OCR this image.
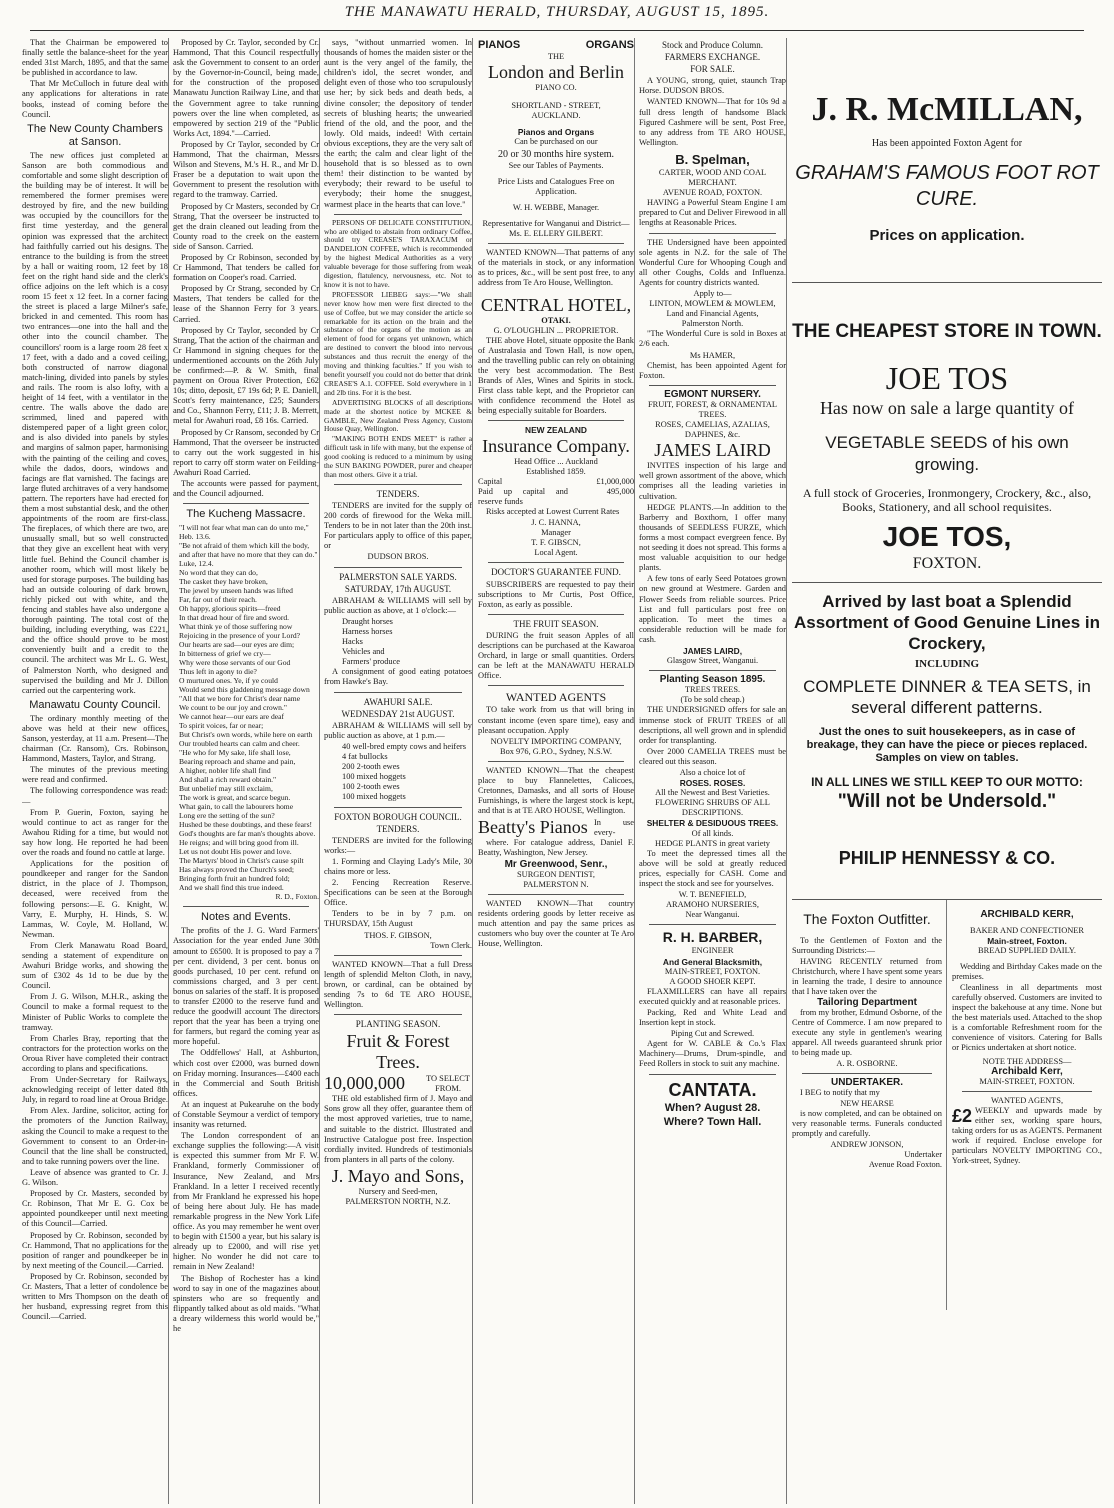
THE MANAWATU HERALD, THURSDAY, AUGUST 15, 1895.

That the Chairman be empowered to finally settle the balance-sheet for the year ended 31st March, 1895, and that the same be published in accordance to law.

That Mr McCulloch in future deal with any applications for alterations in rate books, instead of coming before the Council.

The New County Chambers at Sanson.

The new offices just completed at Sanson are both commodious and comfortable and some slight description of the building may be of interest. It will be remembered the former premises were destroyed by fire, and the new building was occupied by the councillors for the first time yesterday, and the general opinion was expressed that the architect had faithfully carried out his designs. The entrance to the building is from the street by a hall or waiting room, 12 feet by 18 feet on the right hand side and the clerk's office adjoins on the left which is a cosy room 15 feet x 12 feet. In a corner facing the street is placed a large Milner's safe, bricked in and cemented. This room has two entrances—one into the hall and the other into the council chamber. The councillors' room is a large room 28 feet x 17 feet, with a dado and a coved ceiling, both constructed of narrow diagonal match-lining, divided into panels by styles and rails. The room is also lofty, with a height of 14 feet, with a ventilator in the centre. The walls above the dado are scrimmed, lined and papered with distempered paper of a light green color, and is also divided into panels by styles and margins of salmon paper, harmonising with the painting of the ceiling and coves, while the dados, doors, windows and facings are flat varnished. The facings are large fluted architraves of a very handsome pattern. The reporters have had erected for them a most substantial desk, and the other appointments of the room are first-class. The fireplaces, of which there are two, are unusually small, but so well constructed that they give an excellent heat with very little fuel. Behind the Council chamber is another room, which will most likely be used for storage purposes. The building has had an outside colouring of dark brown, richly picked out with white, and the fencing and stables have also undergone a thorough painting. The total cost of the building, including everything, was £221, and the office should prove to be most conveniently built and a credit to the council. The architect was Mr L. G. West, of Palmerston North, who designed and supervised the building and Mr J. Dillon carried out the carpentering work.

Manawatu County Council.

The ordinary monthly meeting of the above was held at their new offices, Sanson, yesterday, at 11 a.m. Present—The chairman (Cr. Ransom), Crs. Robinson, Hammond, Masters, Taylor, and Strang.

The minutes of the previous meeting were read and confirmed.

The following correspondence was read:—

From P. Guerin, Foxton, saying he would continue to act as ranger for the Awahou Riding for a time, but would not say how long. He reported he had been over the roads and found no cattle at large.

Applications for the position of poundkeeper and ranger for the Sandon district, in the place of J. Thompson, deceased, were received from the following persons:—E. G. Knight, W. Varry, E. Murphy, H. Hinds, S. W. Lammas, W. Coyle, M. Holland, W. Newman.

From Clerk Manawatu Road Board, sending a statement of expenditure on Awahuri Bridge works, and showing the sum of £302 4s 1d to be due by the Council.

From J. G. Wilson, M.H.R., asking the Council to make a formal request to the Minister of Public Works to complete the tramway.

From Charles Bray, reporting that the contractors for the protection works on the Oroua River have completed their contract according to plans and specifications.

From Under-Secretary for Railways, acknowledging receipt of letter dated 8th July, in regard to road line at Oroua Bridge.

From Alex. Jardine, solicitor, acting for the promoters of the Junction Railway, asking the Council to make a request to the Government to consent to an Order-in-Council that the line shall be constructed, and to take running powers over the line.

Leave of absence was granted to Cr. J. G. Wilson.

Proposed by Cr. Masters, seconded by Cr. Robinson, That Mr E. G. Cox be appointed poundkeeper until next meeting of this Council—Carried.

Proposed by Cr. Robinson, seconded by Cr. Hammond, That no applications for the position of ranger and poundkeeper be in by next meeting of the Council.—Carried.

Proposed by Cr. Robinson, seconded by Cr. Masters, That a letter of condolence be written to Mrs Thompson on the death of her husband, expressing regret from this Council.—Carried.

Proposed by Cr. Taylor, seconded by Cr. Hammond, That this Council respectfully ask the Government to consent to an order by the Governor-in-Council, being made, for the construction of the proposed Manawatu Junction Railway Line, and that the Government agree to take running powers over the line when completed, as empowered by section 219 of the "Public Works Act, 1894."—Carried.

Proposed by Cr Taylor, seconded by Cr Hammond, That the chairman, Messrs Wilson and Stevens, M.'s H. R., and Mr D. Fraser be a deputation to wait upon the Government to present the resolution with regard to the tramway. Carried.

Proposed by Cr Masters, seconded by Cr Strang, That the overseer be instructed to get the drain cleaned out leading from the County road to the creek on the eastern side of Sanson. Carried.

Proposed by Cr Robinson, seconded by Cr Hammond, That tenders be called for formation on Cooper's road. Carried.

Proposed by Cr Strang, seconded by Cr Masters, That tenders be called for the lease of the Shannon Ferry for 3 years. Carried.

Proposed by Cr Taylor, seconded by Cr Strang, That the action of the chairman and Cr Hammond in signing cheques for the undermentioned accounts on the 26th July be confirmed:—P. & W. Smith, final payment on Oroua River Protection, £62 10s; ditto, deposit, £7 19s 6d; P. E. Daniell, Scott's ferry maintenance, £25; Saunders and Co., Shannon Ferry, £11; J. B. Merrett, metal for Awahuri road, £8 16s. Carried.

Proposed by Cr Ransom, seconded by Cr Hammond, That the overseer be instructed to carry out the work suggested in his report to carry off storm water on Feilding-Awahuri Road Carried.

The accounts were passed for payment, and the Council adjourned.

The Kucheng Massacre.
"I will not fear what man can do unto me," Heb. 13.6.
"Be not afraid of them which kill the body, and after that have no more that they can do." Luke, 12.4.
No word that they can do,
The casket they have broken,
The jewel by unseen hands was lifted
Far, far out of their reach.
Oh happy, glorious spirits—freed
In that dread hour of fire and sword.
What think ye of those suffering now
Rejoicing in the presence of your Lord?
Our hearts are sad—our eyes are dim;
In bitterness of grief we cry—
Why were those servants of our God
Thus left in agony to die?
O murtured ones. Ye, if ye could
Would send this gladdening message down
"All that we bore for Christ's dear name
We count to be our joy and crown."
We cannot hear—our ears are deaf
To spirit voices, far or near;
But Christ's own words, while here on earth
Our troubled hearts can calm and cheer.
"He who for My sake, life shall lose,
Bearing reproach and shame and pain,
A higher, nobler life shall find
And shall a rich reward obtain."
But unbelief may still exclaim,
The work is great, and scarce begun.
What gain, to call the labourers home
Long ere the setting of the sun?
Hushed be these doubtings, and these fears!
God's thoughts are far man's thoughts above.
He reigns; and will bring good from ill.
Let us not doubt His power and love.
The Martyrs' blood in Christ's cause spilt
Has always proved the Church's seed;
Bringing forth fruit an hundred fold;
And we shall find this true indeed.
R. D., Foxton.
Notes and Events.

The profits of the J. G. Ward Farmers' Association for the year ended June 30th amount to £6500. It is proposed to pay a 7 per cent. dividend, 3 per cent. bonus on goods purchased, 10 per cent. refund on commissions charged, and 3 per cent. bonus on salaries of the staff. It is proposed to transfer £2000 to the reserve fund and reduce the goodwill account The directors report that the year has been a trying one for farmers, but regard the coming year as more hopeful.

The Oddfellows' Hall, at Ashburton, which cost over £2000, was burned down on Friday morning. Insurances—£400 each in the Commercial and South British offices.

At an inquest at Pukearuhe on the body of Constable Seymour a verdict of tempory insanity was returned.

The London correspondent of an exchange supplies the following:—A visit is expected this summer from Mr F. W. Frankland, formerly Commissioner of Insurance, New Zealand, and Mrs Frankland. In a letter I received recently from Mr Frankland he expressed his hope of being here about July. He has made remarkable progress in the New York Life office. As you may remember he went over to begin with £1500 a year, but his salary is already up to £2000, and will rise yet higher. No wonder he did not care to remain in New Zealand!

The Bishop of Rochester has a kind word to say in one of the magazines about spinsters who are so frequently and flippantly talked about as old maids. "What a dreary wilderness this world would be," he

says, "without unmarried women. In thousands of homes the maiden sister or the aunt is the very angel of the family, the children's idol, the secret wonder, and delight even of those who too scrupulously use her; by sick beds and death beds, a divine consoler; the depository of tender secrets of blushing hearts; the unwearied friend of the old, and the poor, and the lowly. Old maids, indeed! With certain obvious exceptions, they are the very salt of the earth; the calm and clear light of the household that is so blessed as to own them! their distinction to be wanted by everybody; their reward to be useful to everybody; their home the snuggest, warmest place in the hearts that can love."

PERSONS OF DELICATE CONSTITUTION, who are obliged to abstain from ordinary Coffee, should try CREASE'S TARAXACUM or DANDELION COFFEE, which is recommended by the highest Medical Authorities as a very valuable beverage for those suffering from weak digestion, flatulency, nervousness, etc. Not to know it is not to have.

PROFESSOR LIEBEG says:—"We shall never know how men were first directed to the use of Coffee, but we may consider the article so remarkable for its action on the brain and the substance of the organs of the motion as an element of food for organs yet unknown, which are destined to convert the blood into nervous substances and thus recruit the energy of the moving and thinking faculties." If you wish to benefit yourself you could not do better that drink CREASE'S A.1. COFFEE. Sold everywhere in 1 and 2lb tins. For it is the best.

ADVERTISING BLOCKS of all descriptions made at the shortest notice by MCKEE & GAMBLE, New Zealand Press Agency, Custom House Quay, Wellington.

"MAKING BOTH ENDS MEET" is rather a difficult task in life with many, but the expense of good cooking is reduced to a minimum by using the SUN BAKING POWDER, purer and cheaper than most others. Give it a trial.

TENDERS.

TENDERS are invited for the supply of 200 cords of firewood for the Weka mill. Tenders to be in not later than the 20th inst. For particulars apply to office of this paper, or

DUDSON BROS.
PALMERSTON SALE YARDS.
SATURDAY, 17th AUGUST.

ABRAHAM & WILLIAMS will sell by public auction as above, at 1 o'clock:—

Draught horses
Harness horses
Hacks
Vehicles and
Farmers' produce

A consignment of good eating potatoes from Hawke's Bay.

AWAHURI SALE.
WEDNESDAY 21st AUGUST.

ABRAHAM & WILLIAMS will sell by public auction as above, at 1 p.m.—

40 well-bred empty cows and heifers
4 fat bullocks
200 2-tooth ewes
100 mixed hoggets
100 2-tooth ewes
100 mixed hoggets
FOXTON BOROUGH COUNCIL.
TENDERS.

TENDERS are invited for the following works:—

1. Forming and Claying Lady's Mile, 30 chains more or less.

2. Fencing Recreation Reserve. Specifications can be seen at the Borough Office.

Tenders to be in by 7 p.m. on THURSDAY, 15th August

THOS. F. GIBSON,
Town Clerk.

WANTED KNOWN—That a full Dress length of splendid Melton Cloth, in navy, brown, or cardinal, can be obtained by sending 7s to 6d TE ARO HOUSE, Wellington.

PLANTING SEASON.
Fruit & Forest Trees.
10,000,000	TO SELECT FROM.

THE old established firm of J. Mayo and Sons grow all they offer, guarantee them of the most approved varieties, true to name, and suitable to the district. Illustrated and Instructive Catalogue post free. Inspection cordially invited. Hundreds of testimonials from planters in all parts of the colony.

J. Mayo and Sons,
Nursery and Seed-men,
PALMERSTON NORTH, N.Z.
PIANOS	ORGANS
THE
London and Berlin
PIANO CO.
SHORTLAND - STREET,
AUCKLAND.
Pianos and Organs
Can be purchased on our
20 or 30 months hire system.
See our Tables of Payments.
Price Lists and Catalogues Free on Application.
W. H. WEBBE, Manager.
Representative for Wanganui and District—
Ms. E. ELLERY GILBERT.

WANTED KNOWN—That patterns of any of the materials in stock, or any information as to prices, &c., will be sent post free, to any address from Te Aro House, Wellington.

CENTRAL HOTEL,
OTAKI.
G. O'LOUGHLIN ... PROPRIETOR.

THE above Hotel, situate opposite the Bank of Australasia and Town Hall, is now open, and the travelling public can rely on obtaining the very best accommodation. The Best Brands of Ales, Wines and Spirits in stock. First class table kept, and the Proprietor can with confidence recommend the Hotel as being especially suitable for Boarders.

NEW ZEALAND
Insurance Company.
Head Office ... Auckland
Established 1859.
Capital	£1,000,000
Paid up capital and reserve funds
495,000

Risks accepted at Lowest Current Rates

J. C. HANNA,
Manager
T. F. GIBSCN,
Local Agent.
DOCTOR'S GUARANTEE FUND.

SUBSCRIBERS are requested to pay their subscriptions to Mr Curtis, Post Office, Foxton, as early as possible.

THE FRUIT SEASON.

DURING the fruit season Apples of all descriptions can be purchased at the Kawaroa Orchard, in large or small quantities. Orders can be left at the MANAWATU HERALD Office.

WANTED AGENTS

TO take work from us that will bring in constant income (even spare time), easy and pleasant occupation. Apply

NOVELTY IMPORTING COMPANY,
Box 976, G.P.O., Sydney, N.S.W.

WANTED KNOWN—That the cheapest place to buy Flannelettes, Calicoes, Cretonnes, Damasks, and all sorts of House Furnishings, is where the largest stock is kept, and that is at TE ARO HOUSE, Wellington.

Beatty's Pianos In use every-

where. For catalogue address, Daniel F. Beatty, Washington, New Jersey.

Mr Greenwood, Senr.,
SURGEON DENTIST,
PALMERSTON N.

WANTED KNOWN—That country residents ordering goods by letter receive as much attention and pay the same prices as customers who buy over the counter at Te Aro House, Wellington.

Stock and Produce Column.
FARMERS EXCHANGE.
FOR SALE.

A YOUNG, strong, quiet, staunch Trap Horse. DUDSON BROS.

WANTED KNOWN—That for 10s 9d a full dress length of handsome Black Figured Cashmere will be sent, Post Free, to any address from TE ARO HOUSE, Wellington.

B. Spelman,
CARTER, WOOD AND COAL MERCHANT.
AVENUE ROAD, FOXTON.

HAVING a Powerful Steam Engine I am prepared to Cut and Deliver Firewood in all lengths at Reasonable Prices.

THE Undersigned have been appointed sole agents in N.Z. for the sale of The Wonderful Cure for Whooping Cough and all other Coughs, Colds and Influenza. Agents for country districts wanted.

Apply to—
LINTON, MOWLEM & MOWLEM,
Land and Financial Agents,
Palmerston North.

"The Wonderful Cure is sold in Boxes at 2/6 each.

Ms HAMER,

Chemist, has been appointed Agent for Foxton.

EGMONT NURSERY.
FRUIT, FOREST, & ORNAMENTAL TREES.
ROSES, CAMELIAS, AZALIAS, DAPHNES, &c.
JAMES LAIRD

INVITES inspection of his large and well grown assortment of the above, which comprises all the leading varieties in cultivation.

HEDGE PLANTS.—In addition to the Barberry and Boxthorn, I offer many thousands of SEEDLESS FURZE, which forms a most compact evergreen fence. By not seeding it does not spread. This forms a most valuable acquisition to our hedge plants.

A few tons of early Seed Potatoes grown on new ground at Westmere. Garden and Flower Seeds from reliable sources. Price List and full particulars post free on application. To meet the times a considerable reduction will be made for cash.

JAMES LAIRD,
Glasgow Street, Wanganui.
Planting Season 1895.
TREES TREES.
(To be sold cheap.)

THE UNDERSIGNED offers for sale an immense stock of FRUIT TREES of all descriptions, all well grown and in splendid order for transplanting.

Over 2000 CAMELIA TREES must be cleared out this season.

Also a choice lot of
ROSES. ROSES.
All the Newest and Best Varieties.
FLOWERING SHRUBS OF ALL DESCRIPTIONS.
SHELTER & DESIDUOUS TREES.
Of all kinds.
HEDGE PLANTS in great variety

To meet the depressed times all the above will be sold at greatly reduced prices, especially for CASH. Come and inspect the stock and see for yourselves.

W. T. BENEFIELD,
ARAMOHO NURSERIES,
Near Wanganui.
R. H. BARBER,
ENGINEER
And General Blacksmith,
MAIN-STREET, FOXTON.
A GOOD SHOER KEPT.

FLAXMILLERS can have all repairs executed quickly and at reasonable prices.

Packing, Red and White Lead and Insertion kept in stock.

Piping Cut and Screwed.

Agent for W. CABLE & Co.'s Flax Machinery—Drums, Drum-spindle, and Feed Rollers in stock to suit any machine.

CANTATA.
When? August 28.
Where? Town Hall.
J. R. McMILLAN,
Has been appointed Foxton Agent for
GRAHAM'S FAMOUS FOOT ROT CURE.
Prices on application.
THE CHEAPEST STORE IN TOWN.
JOE TOS
Has now on sale a large quantity of
VEGETABLE SEEDS of his own growing.
A full stock of Groceries, Ironmongery, Crockery, &c., also, Books, Stationery, and all school requisites.
JOE TOS,
FOXTON.
Arrived by last boat a Splendid Assortment of Good Genuine Lines in Crockery,
INCLUDING
COMPLETE DINNER & TEA SETS, in several different patterns.
Just the ones to suit housekeepers, as in case of breakage, they can have the piece or pieces replaced. Samples on view on tables.
IN ALL LINES WE STILL KEEP TO OUR MOTTO:
"Will not be Undersold."
PHILIP HENNESSY & CO.
The Foxton Outfitter.

To the Gentlemen of Foxton and the Surrounding Districts:—

HAVING RECENTLY returned from Christchurch, where I have spent some years in learning the trade, I desire to announce that I have taken over the

Tailoring Department

from my brother, Edmund Osborne, of the Centre of Commerce. I am now prepared to execute any style in gentlemen's wearing apparel. All tweeds guaranteed shrunk prior to being made up.

A. R. OSBORNE.
UNDERTAKER.

I BEG to notify that my

NEW HEARSE

is now completed, and can be obtained on very reasonable terms. Funerals conducted promptly and carefully.

ANDREW JONSON,
Undertaker
Avenue Road Foxton.
ARCHIBALD KERR,
BAKER AND CONFECTIONER
Main-street, Foxton.
BREAD SUPPLIED DAILY.

Wedding and Birthday Cakes made on the premises.

Cleanliness in all departments most carefully observed. Customers are invited to inspect the bakehouse at any time. None but the best materials used. Attached to the shop is a comfortable Refreshment room for the convenience of visitors. Catering for Balls or Picnics undertaken at short notice.

NOTE THE ADDRESS—
Archibald Kerr,
MAIN-STREET, FOXTON.
WANTED AGENTS,

£2 WEEKLY and upwards made by either sex, working spare hours, taking orders for us as AGENTS. Permanent work if required. Enclose envelope for particulars NOVELTY IMPORTING CO., York-street, Sydney.
